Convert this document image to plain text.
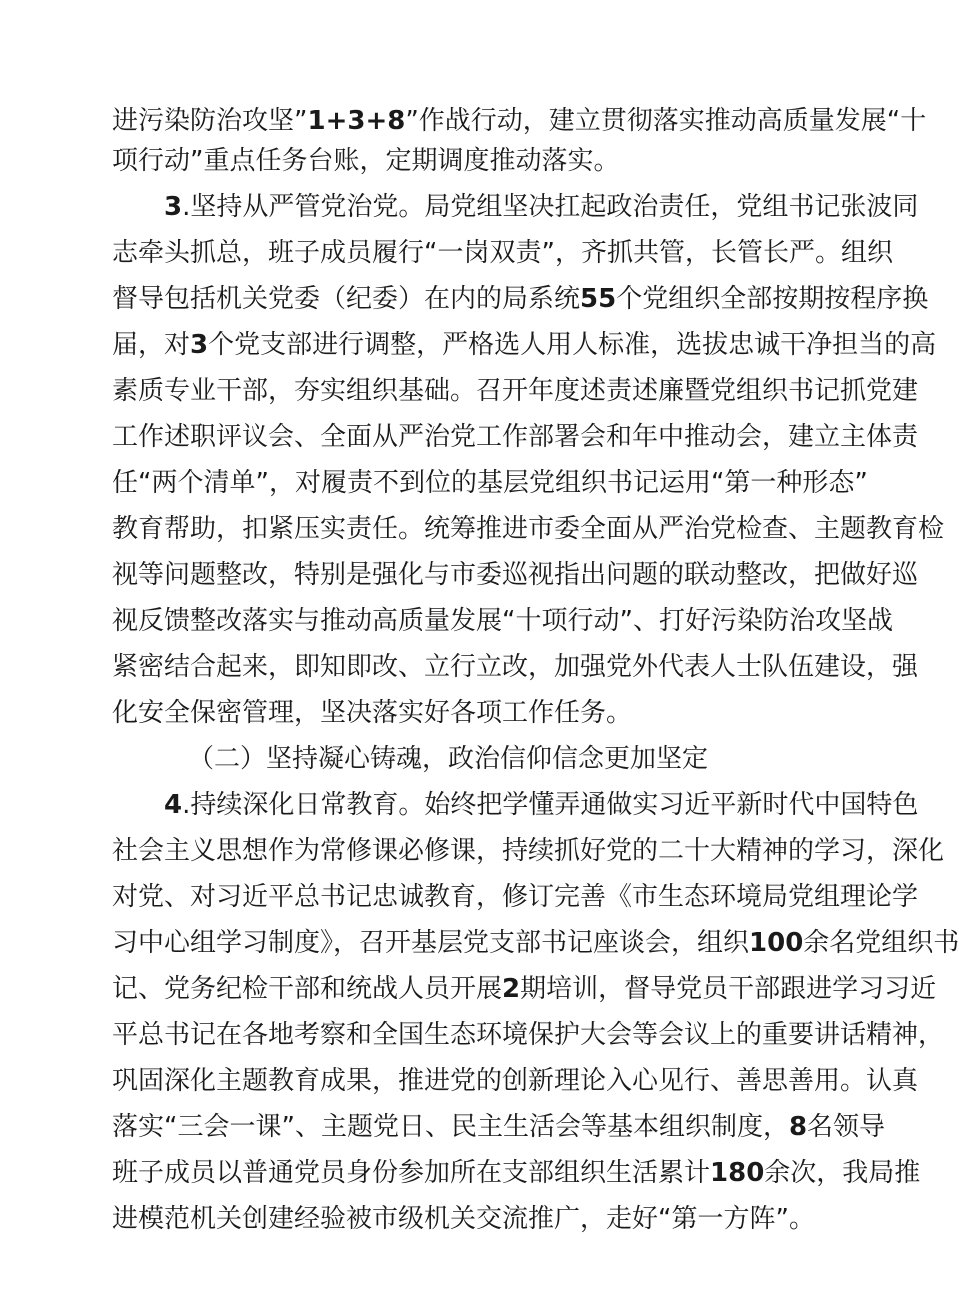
进污染防治攻坚”1+3+8”作战行动，建立贯彻落实推动高质量发展“十
项行动”重点任务台账，定期调度推动落实。
3.坚持从严管党治党。局党组坚决扛起政治责任，党组书记张波同
志牵头抓总，班子成员履行“一岗双责”，齐抓共管，长管长严。组织
督导包括机关党委（纪委）在内的局系统55个党组织全部按期按程序换
届，对3个党支部进行调整，严格选人用人标准，选拔忠诚干净担当的高
素质专业干部，夯实组织基础。召开年度述责述廉暨党组织书记抓党建
工作述职评议会、全面从严治党工作部署会和年中推动会，建立主体责
任“两个清单”，对履责不到位的基层党组织书记运用“第一种形态”
教育帮助，扣紧压实责任。统筹推进市委全面从严治党检查、主题教育检
视等问题整改，特别是强化与市委巡视指出问题的联动整改，把做好巡
视反馈整改落实与推动高质量发展“十项行动”、打好污染防治攻坚战
紧密结合起来，即知即改、立行立改，加强党外代表人士队伍建设，强
化安全保密管理，坚决落实好各项工作任务。
（二）坚持凝心铸魂，政治信仰信念更加坚定
4.持续深化日常教育。始终把学懂弄通做实习近平新时代中国特色
社会主义思想作为常修课必修课，持续抓好党的二十大精神的学习，深化
对党、对习近平总书记忠诚教育，修订完善《市生态环境局党组理论学
习中心组学习制度》，召开基层党支部书记座谈会，组织100余名党组织书
记、党务纪检干部和统战人员开展2期培训，督导党员干部跟进学习习近
平总书记在各地考察和全国生态环境保护大会等会议上的重要讲话精神，
巩固深化主题教育成果，推进党的创新理论入心见行、善思善用。认真
落实“三会一课”、主题党日、民主生活会等基本组织制度，8名领导
班子成员以普通党员身份参加所在支部组织生活累计180余次，我局推
进模范机关创建经验被市级机关交流推广，走好“第一方阵”。
